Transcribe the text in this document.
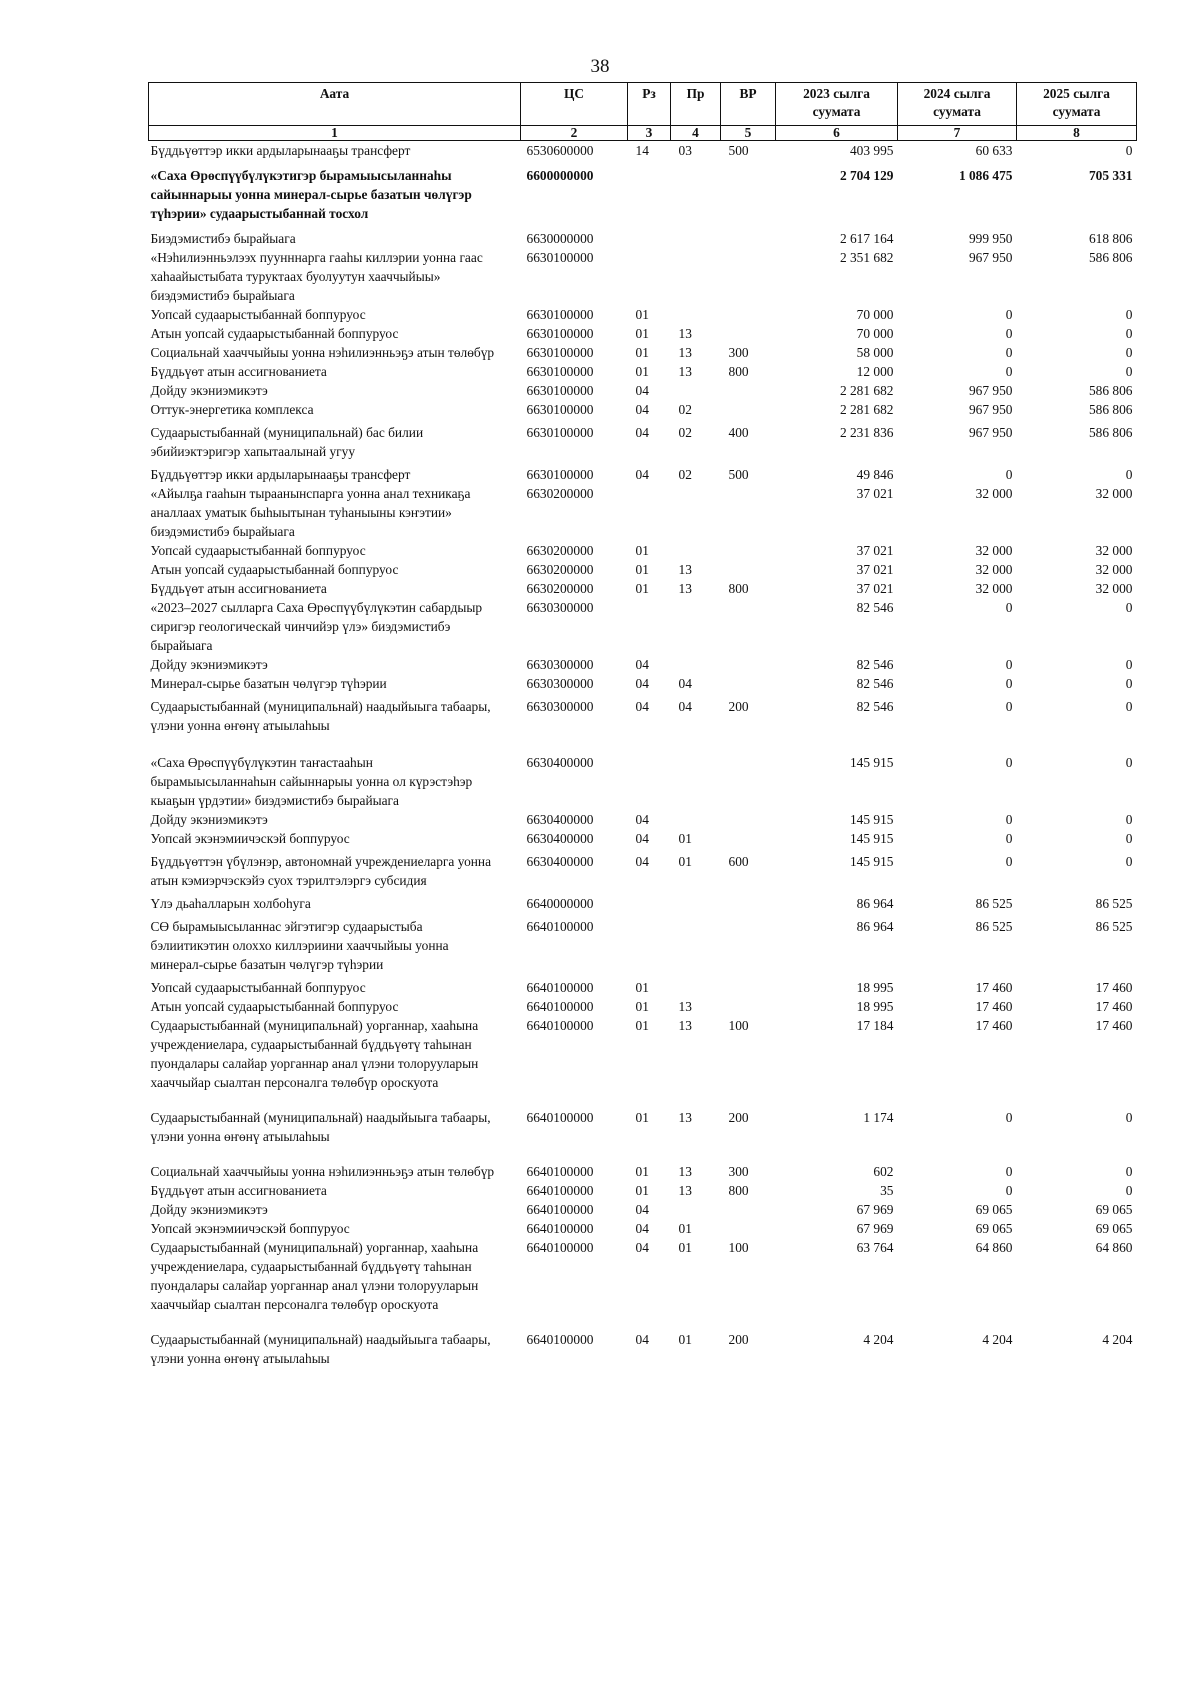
38
Аата	ЦС	Рз	Пр	ВР	2023 сылга суумата	2024 сылга суумата	2025 сылга суумата
1	2	3	4	5	6	7	8
Бүддьүөттэр икки ардыларынааҕы трансферт	6530600000	14	03	500	403 995	60 633	0
«Саха Өрөспүүбүлүкэтигэр бырамыысыланнаһы сайыннарыы уонна минерал-сырье базатын чөлүгэр түһэрии» судаарыстыбаннай тосхол	6600000000				2 704 129	1 086 475	705 331
Биэдэмистибэ бырайыага	6630000000				2 617 164	999 950	618 806
«Нэһилиэнньэлээх пуунннарга гааһы киллэрии уонна гаас хаһаайыстыбата туруктаах буолуутун хааччыйыы» биэдэмистибэ бырайыага	6630100000				2 351 682	967 950	586 806
Уопсай судаарыстыбаннай боппуруос	6630100000	01			70 000	0	0
Атын уопсай судаарыстыбаннай боппуруос	6630100000	01	13		70 000	0	0
Социальнай хааччыйыы уонна нэһилиэнньэҕэ атын төлөбүр	6630100000	01	13	300	58 000	0	0
Бүддьүөт атын ассигнованиета	6630100000	01	13	800	12 000	0	0
Дойду экэниэмикэтэ	6630100000	04			2 281 682	967 950	586 806
Оттук-энергетика комплекса	6630100000	04	02		2 281 682	967 950	586 806
Судаарыстыбаннай (муниципальнай) бас билии эбийиэктэригэр хапытаалынай угуу	6630100000	04	02	400	2 231 836	967 950	586 806
Бүддьүөттэр икки ардыларынааҕы трансферт	6630100000	04	02	500	49 846	0	0
«Айылҕа гааһын тыраанынспаргa уонна анал техникаҕа аналлаах уматык быһыытынан туһаныыны кэҥэтии» биэдэмистибэ бырайыага	6630200000				37 021	32 000	32 000
Уопсай судаарыстыбаннай боппуруос	6630200000	01			37 021	32 000	32 000
Атын уопсай судаарыстыбаннай боппуруос	6630200000	01	13		37 021	32 000	32 000
Бүддьүөт атын ассигнованиета	6630200000	01	13	800	37 021	32 000	32 000
«2023–2027 сылларга Саха Өрөспүүбүлүкэтин сабардыыр сиригэр геологическай чинчийэр үлэ» биэдэмистибэ бырайыага	6630300000				82 546	0	0
Дойду экэниэмикэтэ	6630300000	04			82 546	0	0
Минерал-сырье базатын чөлүгэр түһэрии	6630300000	04	04		82 546	0	0
Судаарыстыбаннай (муниципальнай) наадыйыыга табаары, үлэни уонна өҥөнү атыылаһыы	6630300000	04	04	200	82 546	0	0
«Саха Өрөспүүбүлүкэтин таҥастааһын бырамыысыланнаһын сайыннарыы уонна ол күрэстэһэр кыаҕын үрдэтии» биэдэмистибэ бырайыага	6630400000				145 915	0	0
Дойду экэниэмикэтэ	6630400000	04			145 915	0	0
Уопсай экэнэмиичэскэй боппуруос	6630400000	04	01		145 915	0	0
Бүддьүөттэн үбүлэнэр, автономнай учреждениеларга уонна атын кэмиэрчэскэйэ суох тэрилтэлэргэ субсидия	6630400000	04	01	600	145 915	0	0
Үлэ дьаһалларын холбоһуга	6640000000				86 964	86 525	86 525
СӨ бырамыысыланнас эйгэтигэр судаарыстыба бэлиитикэтин олоххо киллэриини хааччыйыы уонна минерал-сырье базатын чөлүгэр түһэрии	6640100000				86 964	86 525	86 525
Уопсай судаарыстыбаннай боппуруос	6640100000	01			18 995	17 460	17 460
Атын уопсай судаарыстыбаннай боппуруос	6640100000	01	13		18 995	17 460	17 460
Судаарыстыбаннай (муниципальнай) уорганнар, хааһына учреждениелара, судаарыстыбаннай бүддьүөтү таһынан пуондалары салайар уорганнар анал үлэни толорууларын хааччыйар сыалтан персоналга төлөбүр ороскуота	6640100000	01	13	100	17 184	17 460	17 460
Судаарыстыбаннай (муниципальнай) наадыйыыга табаары, үлэни уонна өҥөнү атыылаһыы	6640100000	01	13	200	1 174	0	0
Социальнай хааччыйыы уонна нэһилиэнньэҕэ атын төлөбүр	6640100000	01	13	300	602	0	0
Бүддьүөт атын ассигнованиета	6640100000	01	13	800	35	0	0
Дойду экэниэмикэтэ	6640100000	04			67 969	69 065	69 065
Уопсай экэнэмиичэскэй боппуруос	6640100000	04	01		67 969	69 065	69 065
Судаарыстыбаннай (муниципальнай) уорганнар, хааһына учреждениелара, судаарыстыбаннай бүддьүөтү таһынан пуондалары салайар уорганнар анал үлэни толорууларын хааччыйар сыалтан персоналга төлөбүр ороскуота	6640100000	04	01	100	63 764	64 860	64 860
Судаарыстыбаннай (муниципальнай) наадыйыыга табаары, үлэни уонна өҥөнү атыылаһыы	6640100000	04	01	200	4 204	4 204	4 204
